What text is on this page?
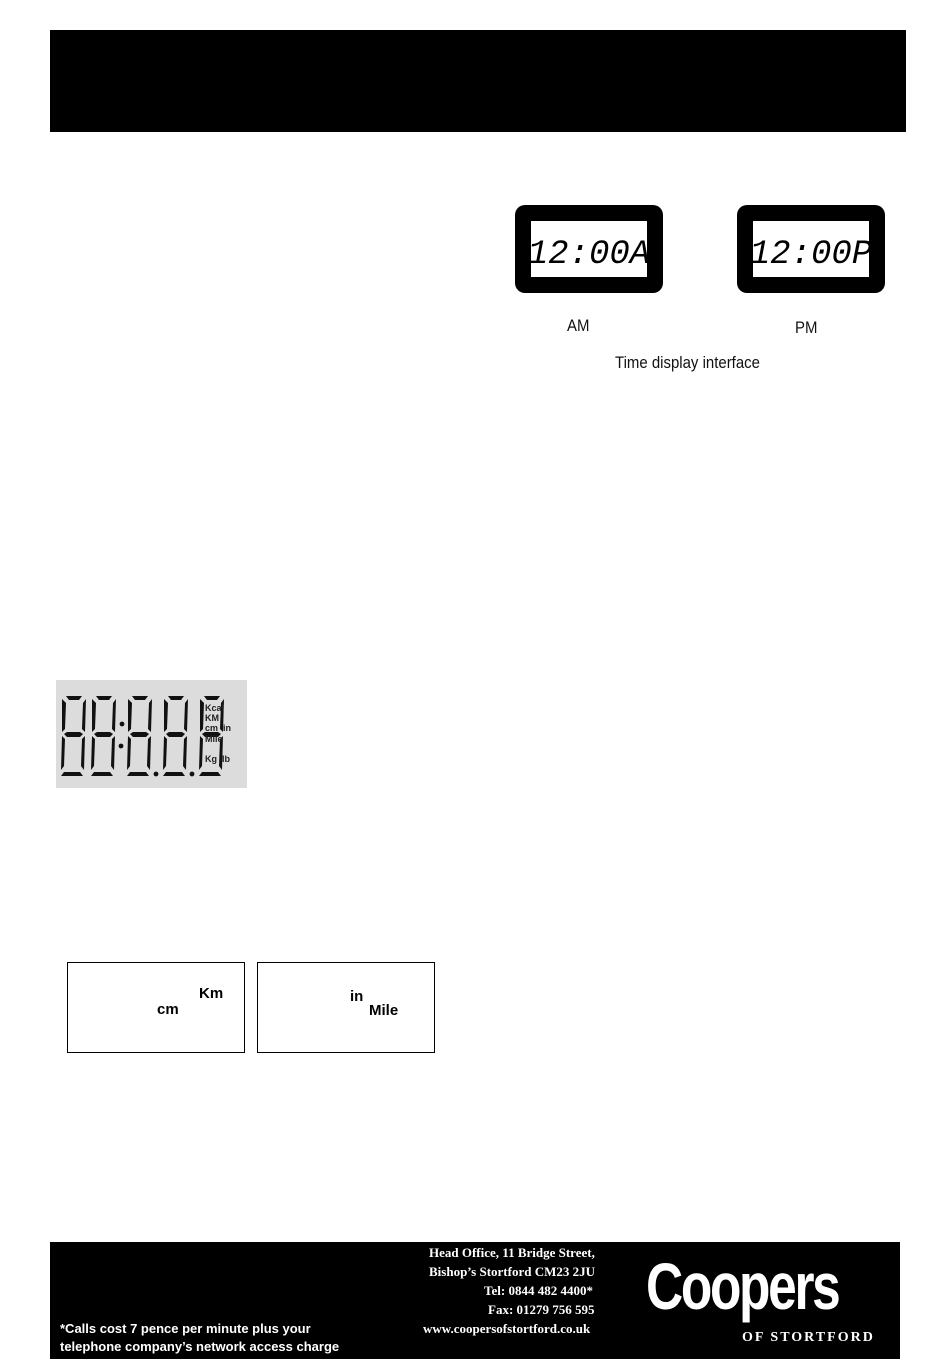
12:00A
AM
12:00P
PM
Time display interface
Kcal
KM
cm  in
Mile
Kg  lb
Km
cm
in
Mile
Head Office, 11 Bridge Street,
Bishop’s Stortford CM23 2JU
Tel: 0844 482 4400*
Fax: 01279 756 595
www.coopersofstortford.co.uk
*Calls cost 7 pence per minute plus your
telephone company’s network access charge
Coopers
OF STORTFORD
